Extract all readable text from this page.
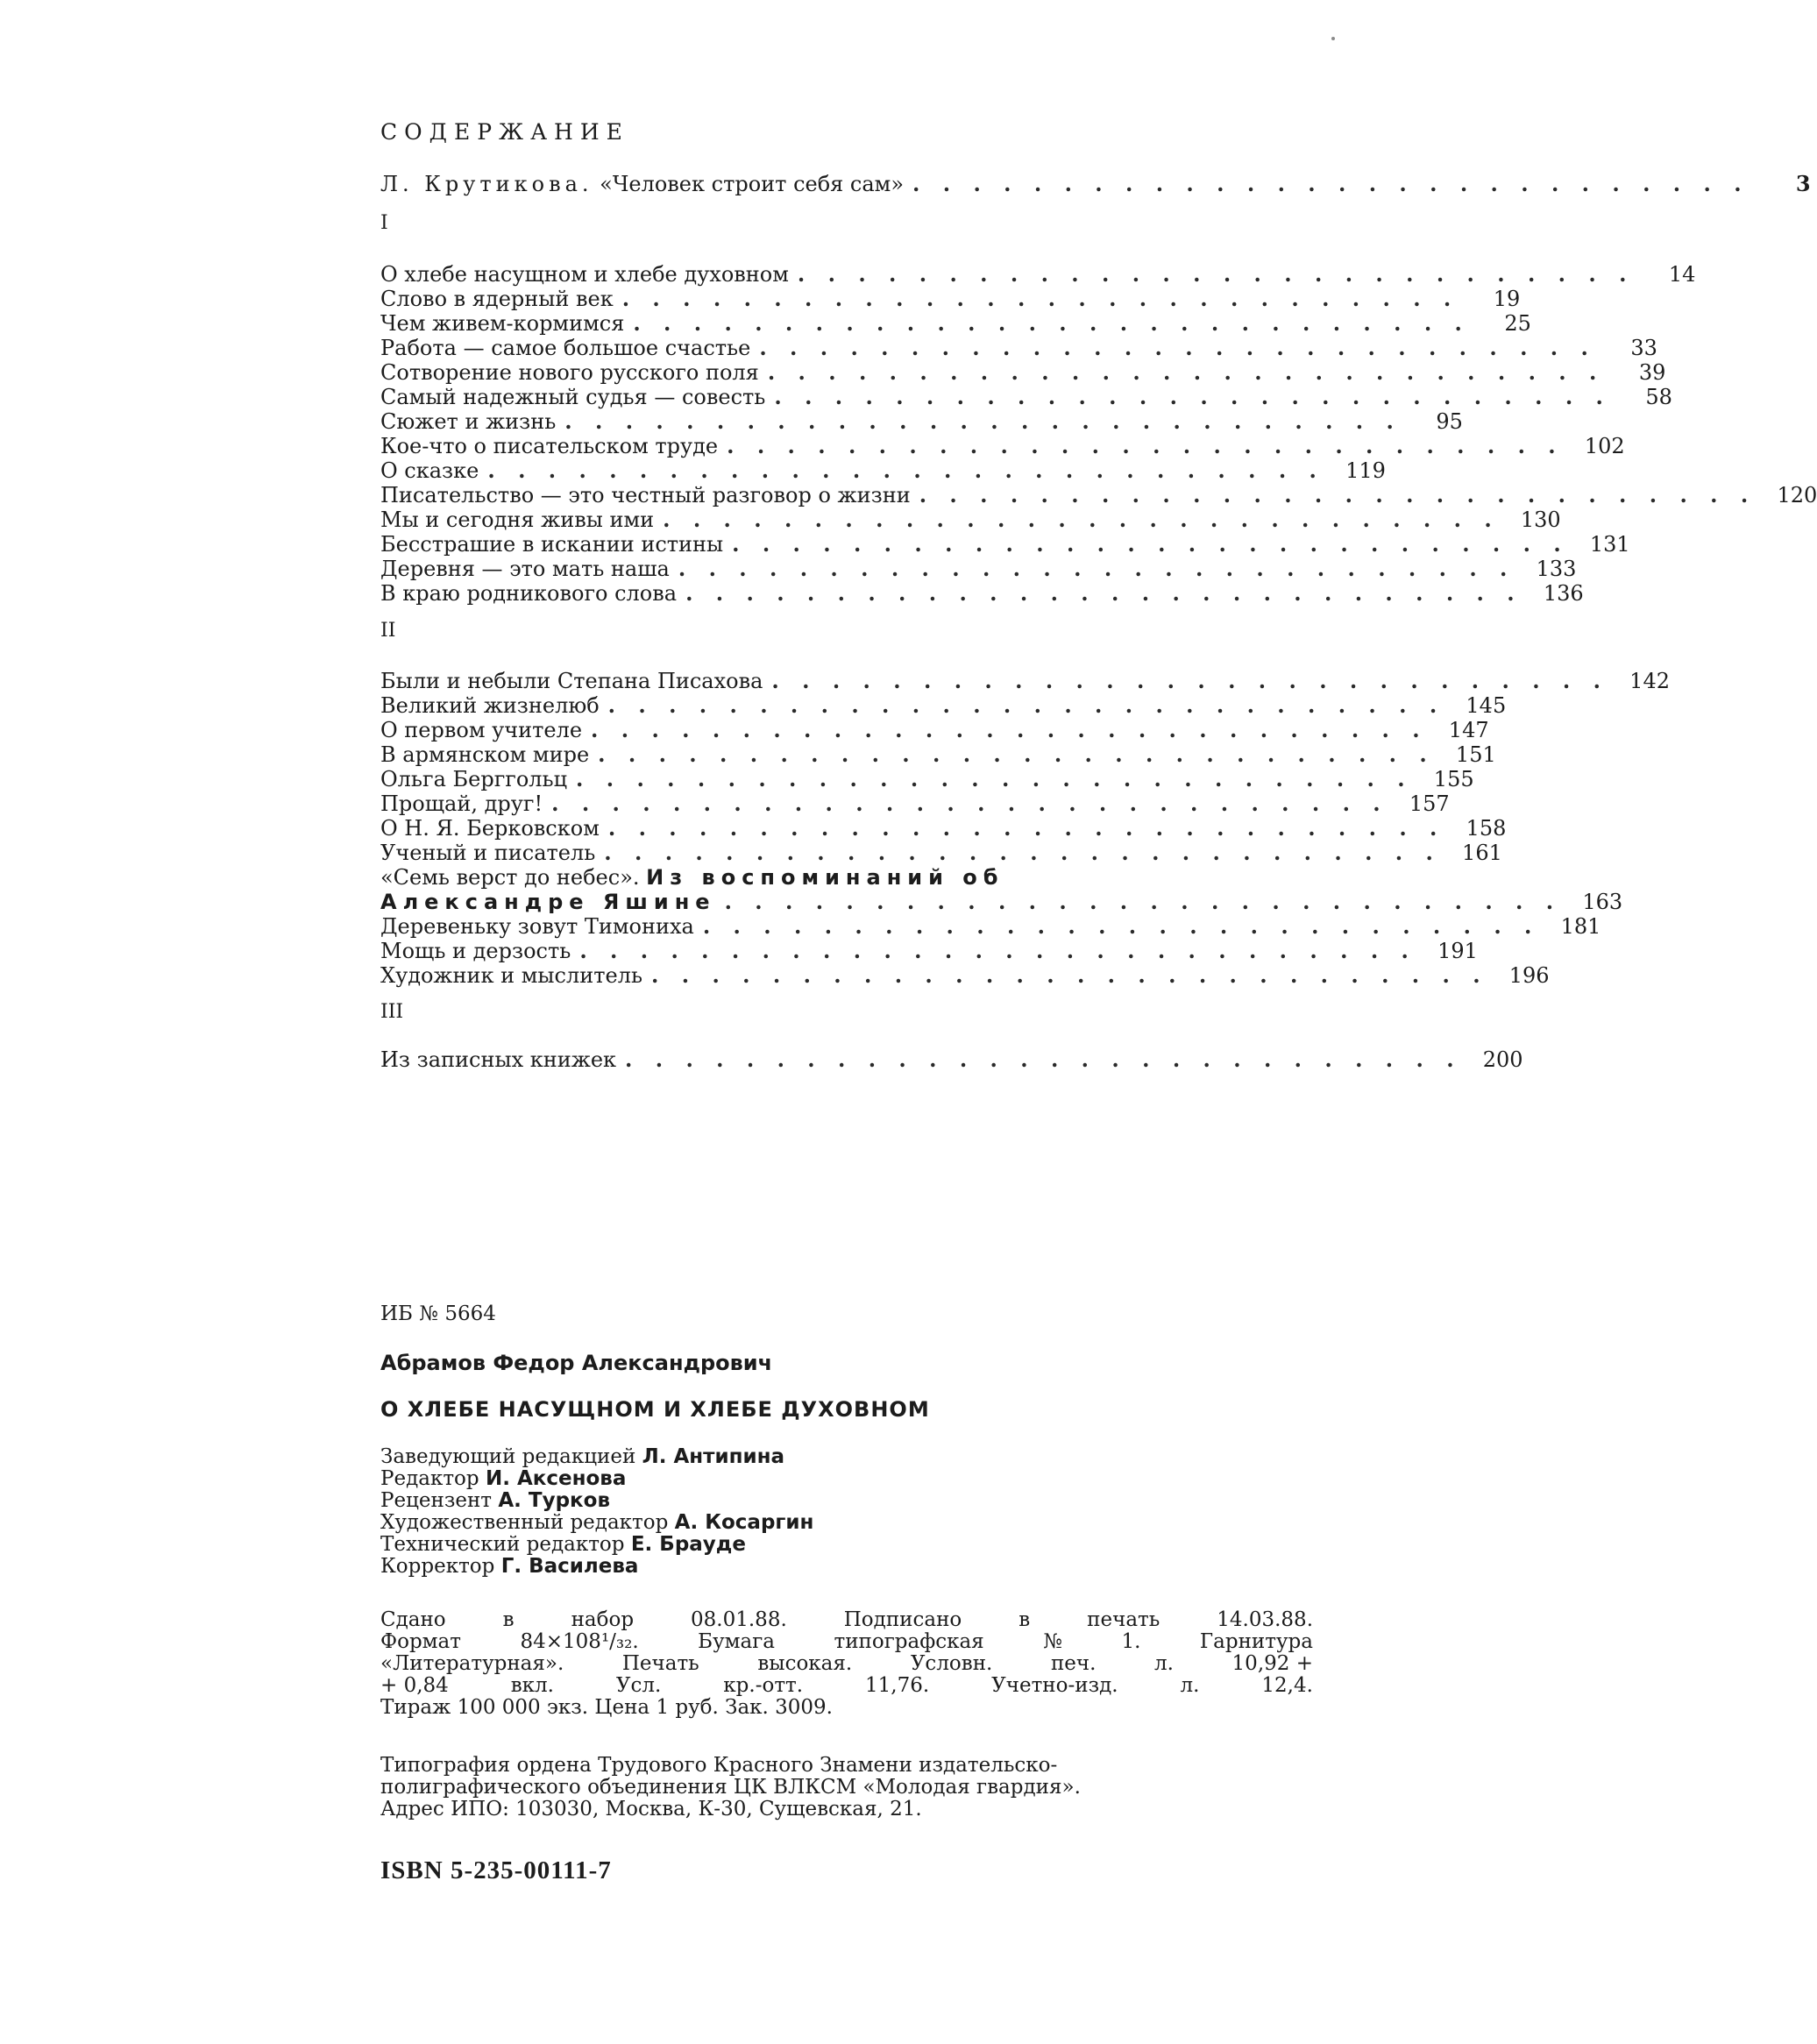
СОДЕРЖАНИЕ
Л. Крутикова. «Человек строит себя сам» . . . . . . . . . . . . . . . . . . . . . . . . . . . .	3
I
О хлебе насущном и хлебе духовном . . . . . . . . . . . . . . . . . . . . . . . . . . . .	14
Слово в ядерный век . . . . . . . . . . . . . . . . . . . . . . . . . . . .	19
Чем живем-кормимся . . . . . . . . . . . . . . . . . . . . . . . . . . . .	25
Работа — самое большое счастье . . . . . . . . . . . . . . . . . . . . . . . . . . . .	33
Сотворение нового русского поля . . . . . . . . . . . . . . . . . . . . . . . . . . . .	39
Самый надежный судья — совесть . . . . . . . . . . . . . . . . . . . . . . . . . . . .	58
Сюжет и жизнь . . . . . . . . . . . . . . . . . . . . . . . . . . . .	95
Кое-что о писательском труде . . . . . . . . . . . . . . . . . . . . . . . . . . . .	102
О сказке . . . . . . . . . . . . . . . . . . . . . . . . . . . .	119
Писательство — это честный разговор о жизни . . . . . . . . . . . . . . . . . . . . . . . . . . . .	120
Мы и сегодня живы ими . . . . . . . . . . . . . . . . . . . . . . . . . . . .	130
Бесстрашие в искании истины . . . . . . . . . . . . . . . . . . . . . . . . . . . .	131
Деревня — это мать наша . . . . . . . . . . . . . . . . . . . . . . . . . . . .	133
В краю родникового слова . . . . . . . . . . . . . . . . . . . . . . . . . . . .	136
II
Были и небыли Степана Писахова . . . . . . . . . . . . . . . . . . . . . . . . . . . .	142
Великий жизнелюб . . . . . . . . . . . . . . . . . . . . . . . . . . . .	145
О первом учителе . . . . . . . . . . . . . . . . . . . . . . . . . . . .	147
В армянском мире . . . . . . . . . . . . . . . . . . . . . . . . . . . .	151
Ольга Берггольц . . . . . . . . . . . . . . . . . . . . . . . . . . . .	155
Прощай, друг! . . . . . . . . . . . . . . . . . . . . . . . . . . . .	157
О Н. Я. Берковском . . . . . . . . . . . . . . . . . . . . . . . . . . . .	158
Ученый и писатель . . . . . . . . . . . . . . . . . . . . . . . . . . . .	161
«Семь верст до небес». Из воспоминаний об
Александре Яшине . . . . . . . . . . . . . . . . . . . . . . . . . . . .	163
Деревеньку зовут Тимониха . . . . . . . . . . . . . . . . . . . . . . . . . . . .	181
Мощь и дерзость . . . . . . . . . . . . . . . . . . . . . . . . . . . .	191
Художник и мыслитель . . . . . . . . . . . . . . . . . . . . . . . . . . . .	196
III
Из записных книжек . . . . . . . . . . . . . . . . . . . . . . . . . . . .	200
ИБ № 5664
Абрамов Федор Александрович
О ХЛЕБЕ НАСУЩНОМ И ХЛЕБЕ ДУХОВНОМ
Заведующий редакцией Л. Антипина
Редактор И. Аксенова
Рецензент А. Турков
Художественный редактор А. Косаргин
Технический редактор Е. Брауде
Корректор Г. Василева
Сдано	в	набор	08.01.88.	Подписано	в	печать	14.03.88.
Формат	84×108¹/₃₂.	Бумага	типографская	№	1.	Гарнитура
«Литературная».	Печать	высокая.	Условн.	печ.	л.	10,92 +
+ 0,84	вкл.	Усл.	кр.-отт.	11,76.	Учетно-изд.	л.	12,4.
Тираж 100 000 экз. Цена 1 руб. Зак. 3009.
Типография ордена Трудового Красного Знамени издательско-
полиграфического объединения ЦК ВЛКСМ «Молодая гвардия».
Адрес ИПО: 103030, Москва, К-30, Сущевская, 21.
ISBN 5-235-00111-7
